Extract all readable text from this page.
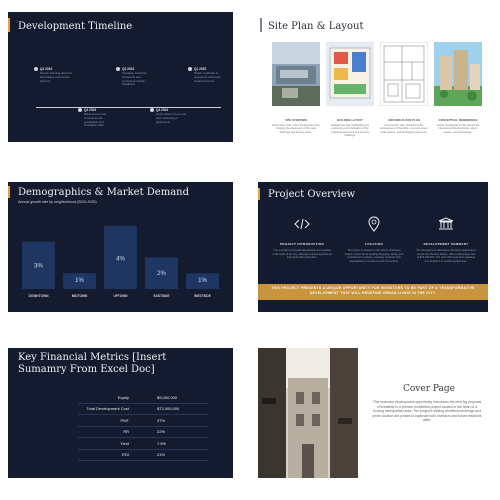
Development Timeline
Q1 2024
Secure planning approval and finalise commercial partners
Q2 2024
Break ground and commence site preparation and foundation work
Q3 2024
Complete structural framework and commence façade installation
Q4 2024
Finish interior fit-out and start marketing of apartments
Q1 2025
Obtain certificate of occupancy and begin tenant move-ins
Site Plan & Layout
SITE OVERVIEW	BUILDING LAYOUT	GROUND-FLOOR PLAN	CONCEPTUAL RENDERINGS
Aerial view of the entire development site, showing the placement of the main buildings and access points.
Detailed site plan highlighting the positioning and orientation of the individual apartment and amenity buildings.
Ground floor plan showcasing the arrangement of the lobby, common areas, retail spaces, and landscaping elements.
Artistic visualizations that capture the intended architectural style, green spaces, and streetscape.
Demographics & Market Demand
Annual growth rate by neighborhood (2020-2025)
3%
DOWNTOWN
1%
MIDTOWN
4%
UPTOWN
2%
EASTSIDE
1%
WESTSIDE
Project Overview
PROJECT INTRODUCTION
This is a high-end residential development located in the heart of the city, offering luxurious apartments and world-class amenities.
LOCATION
The project is situated in the vibrant downtown district, known for its bustling shopping, dining, and entertainment options, providing residents with unparalleled convenience and connectivity.
DEVELOPMENT SUMMARY
The development will feature 180 luxury apartments across two 15-story towers, with a total project cost of $72,000,000. The units will range from spacious one-bedroom to opulent penthouses.
THIS PROJECT PRESENTS A UNIQUE OPPORTUNITY FOR INVESTORS TO BE PART OF A TRANSFORMATIVE DEVELOPMENT THAT WILL REDEFINE URBAN LIVING IN THE CITY.
Key Financial Metrics [Insert
Sumamry From Excel Doc]
Equity	$9,000,000
Total Development Cost	$72,000,000
PMT	37%
RR	22%
Yield	7.5%
ROI	21%
Cover Page
This exclusive development opportunity introduces the next big proposal of liveability in a premier residential project located in the heart of a thriving metropolitan area. The project's striking architectural design and prime location are poised to captivate both investors and future residents alike.
